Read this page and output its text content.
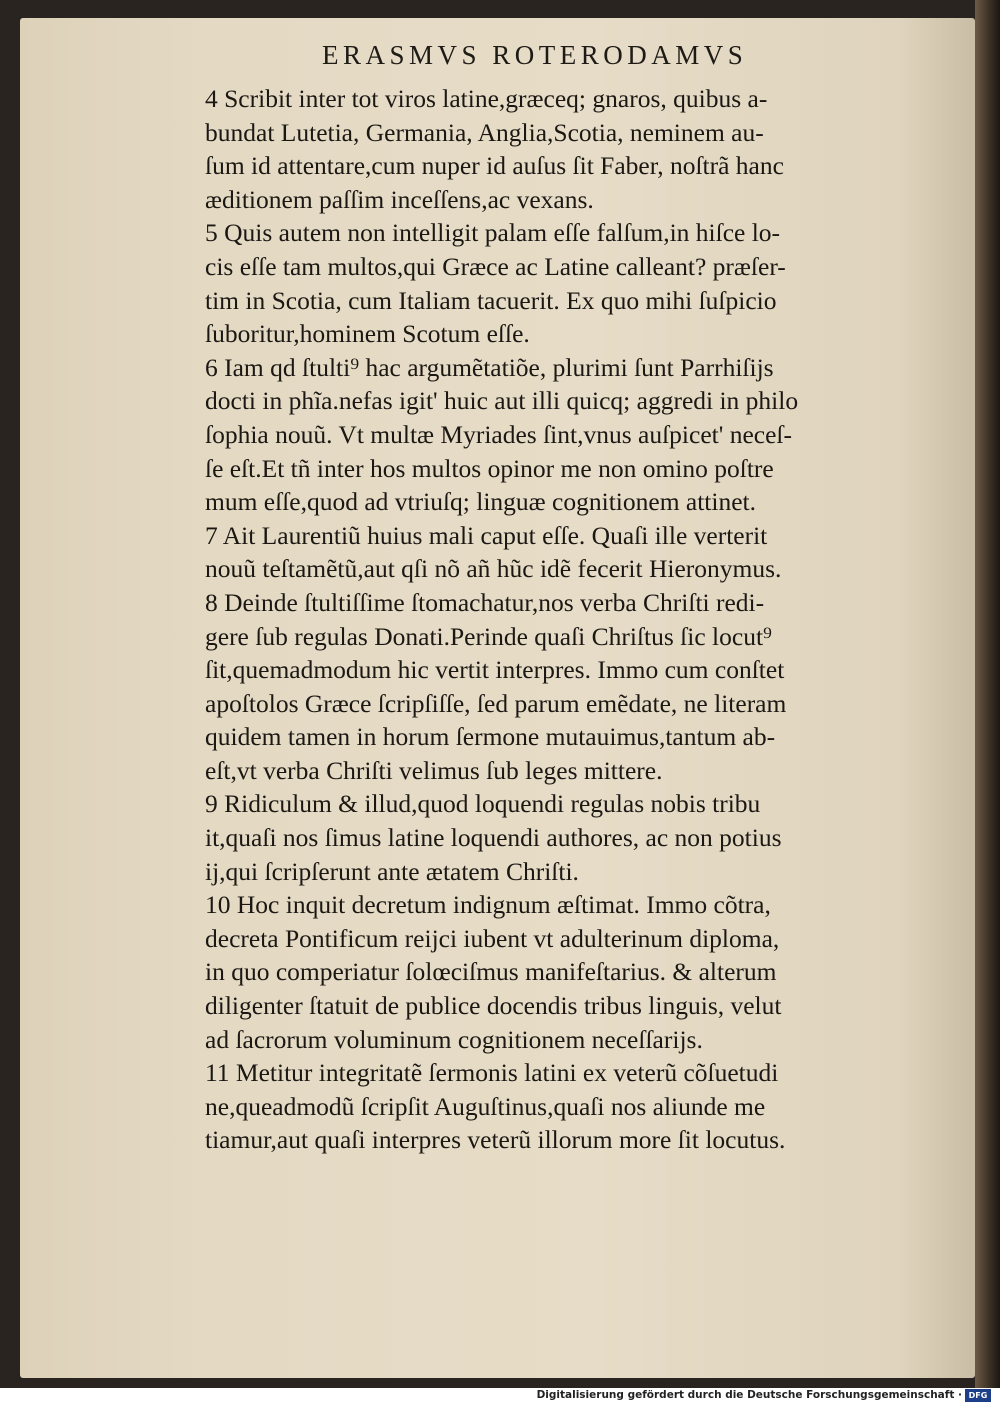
ERASMVS ROTERODAMVS
4 Scribit inter tot viros latine,græceq; gnaros, quibus a-
bundat Lutetia, Germania, Anglia,Scotia, neminem au-
ſum id attentare,cum nuper id auſus ſit Faber, noſtrã hanc
æditionem paſſim inceſſens,ac vexans.
5 Quis autem non intelligit palam eſſe falſum,in hiſce lo-
cis eſſe tam multos,qui Græce ac Latine calleant? præſer-
tim in Scotia, cum Italiam tacuerit. Ex quo mihi ſuſpicio
ſuboritur,hominem Scotum eſſe.
6 Iam qd ſtulti⁹ hac argumẽtatiõe, plurimi ſunt Parrhiſijs
docti in phĩa.nefas igit' huic aut illi quicq; aggredi in philo
ſophia nouũ. Vt multæ Myriades ſint,vnus auſpicet' neceſ-
ſe eſt.Et tñ inter hos multos opinor me non omino poſtre
mum eſſe,quod ad vtriuſq; linguæ cognitionem attinet.
7 Ait Laurentiũ huius mali caput eſſe. Quaſi ille verterit
nouũ teſtamẽtũ,aut qſi nõ añ hũc idẽ fecerit Hieronymus.
8 Deinde ſtultiſſime ſtomachatur,nos verba Chriſti redi-
gere ſub regulas Donati.Perinde quaſi Chriſtus ſic locut⁹
ſit,quemadmodum hic vertit interpres. Immo cum conſtet
apoſtolos Græce ſcripſiſſe, ſed parum emẽdate, ne literam
quidem tamen in horum ſermone mutauimus,tantum ab-
eſt,vt verba Chriſti velimus ſub leges mittere.
9 Ridiculum & illud,quod loquendi regulas nobis tribu
it,quaſi nos ſimus latine loquendi authores, ac non potius
ij,qui ſcripſerunt ante ætatem Chriſti.
10 Hoc inquit decretum indignum æſtimat. Immo cõtra,
decreta Pontificum reijci iubent vt adulterinum diploma,
in quo comperiatur ſolœciſmus manifeſtarius. & alterum
diligenter ſtatuit de publice docendis tribus linguis, velut
ad ſacrorum voluminum cognitionem neceſſarijs.
11 Metitur integritatẽ ſermonis latini ex veterũ cõſuetudi
ne,queadmodũ ſcripſit Auguſtinus,quaſi nos aliunde me
tiamur,aut quaſi interpres veterũ illorum more ſit locutus.
Digitalisierung gefördert durch die Deutsche Forschungsgemeinschaft · DFG
